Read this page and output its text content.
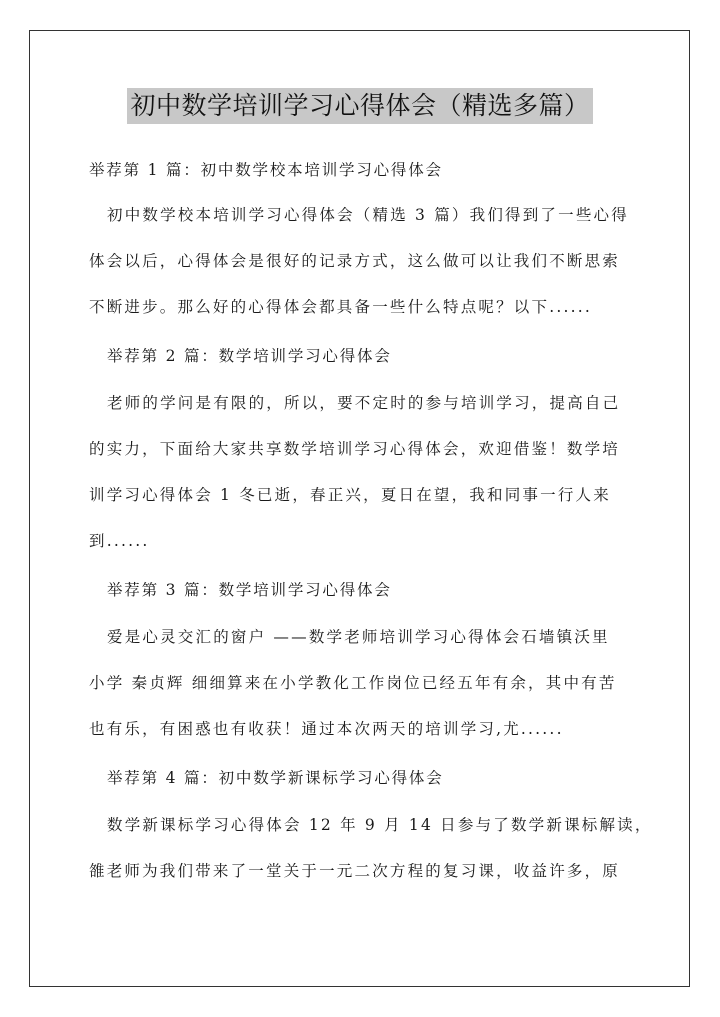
初中数学培训学习心得体会（精选多篇）
举荐第 1 篇：初中数学校本培训学习心得体会
初中数学校本培训学习心得体会（精选 3 篇）我们得到了一些心得
体会以后，心得体会是很好的记录方式，这么做可以让我们不断思索
不断进步。那么好的心得体会都具备一些什么特点呢？以下......
举荐第 2 篇：数学培训学习心得体会
老师的学问是有限的，所以，要不定时的参与培训学习，提高自己
的实力，下面给大家共享数学培训学习心得体会，欢迎借鉴！数学培
训学习心得体会 1 冬已逝，春正兴，夏日在望，我和同事一行人来
到......
举荐第 3 篇：数学培训学习心得体会
爱是心灵交汇的窗户 ——数学老师培训学习心得体会石墙镇沃里
小学 秦贞辉 细细算来在小学教化工作岗位已经五年有余，其中有苦
也有乐，有困惑也有收获！通过本次两天的培训学习,尤......
举荐第 4 篇：初中数学新课标学习心得体会
数学新课标学习心得体会 12 年 9 月 14 日参与了数学新课标解读，
雒老师为我们带来了一堂关于一元二次方程的复习课，收益许多，原
